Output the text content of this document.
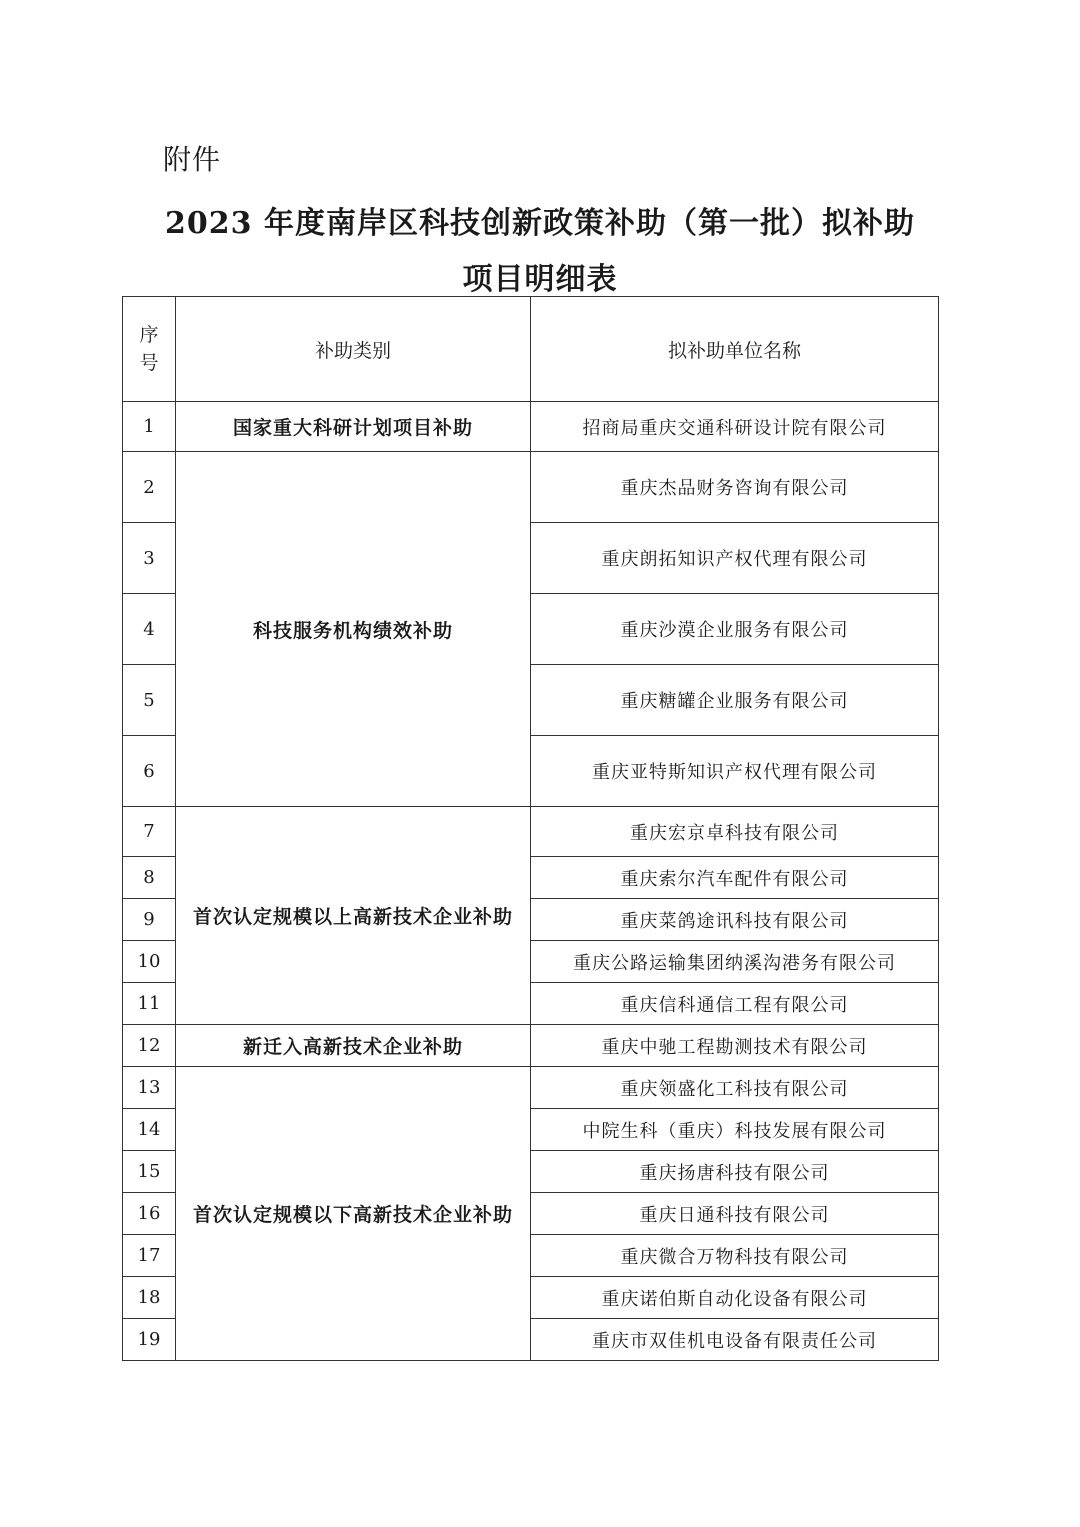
附件
2023 年度南岸区科技创新政策补助（第一批）拟补助
项目明细表
序
号	补助类别	拟补助单位名称
1	国家重大科研计划项目补助	招商局重庆交通科研设计院有限公司
2	科技服务机构绩效补助	重庆杰品财务咨询有限公司
3		重庆朗拓知识产权代理有限公司
4		重庆沙漠企业服务有限公司
5		重庆糖罐企业服务有限公司
6		重庆亚特斯知识产权代理有限公司
7	首次认定规模以上高新技术企业补助	重庆宏京卓科技有限公司
8		重庆索尔汽车配件有限公司
9		重庆菜鸽途讯科技有限公司
10		重庆公路运输集团纳溪沟港务有限公司
11		重庆信科通信工程有限公司
12	新迁入高新技术企业补助	重庆中驰工程勘测技术有限公司
13	首次认定规模以下高新技术企业补助	重庆领盛化工科技有限公司
14		中院生科（重庆）科技发展有限公司
15		重庆扬唐科技有限公司
16		重庆日通科技有限公司
17		重庆微合万物科技有限公司
18		重庆诺伯斯自动化设备有限公司
19		重庆市双佳机电设备有限责任公司
